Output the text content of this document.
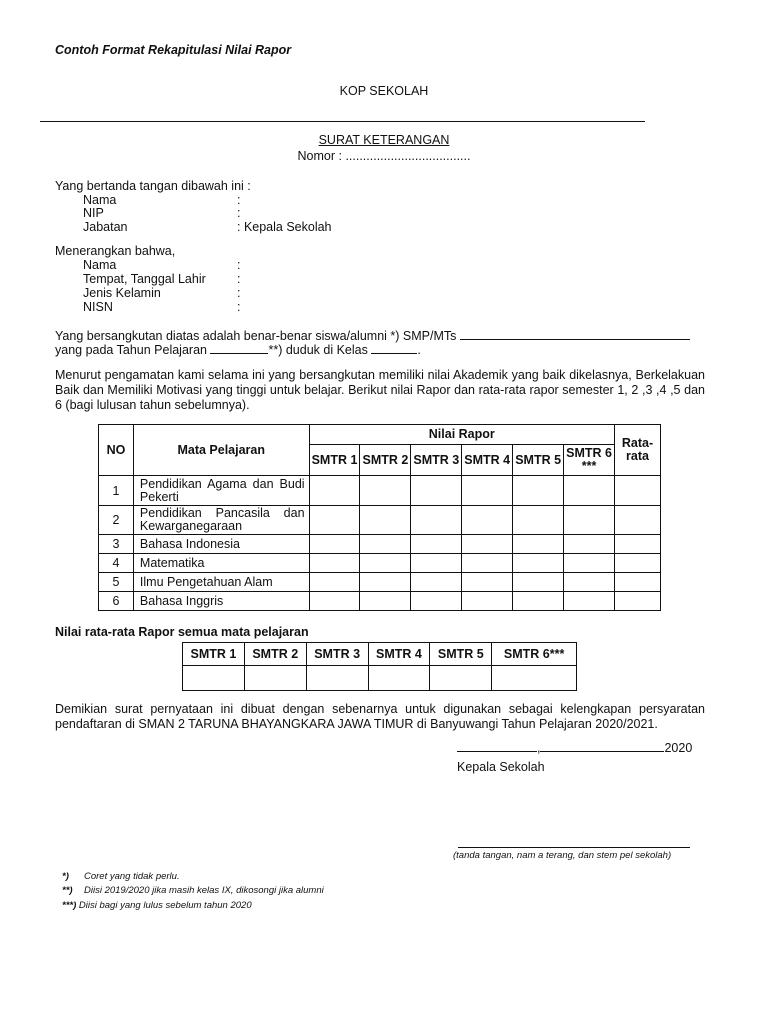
Contoh Format Rekapitulasi Nilai Rapor
KOP SEKOLAH
SURAT KETERANGAN
Nomor : ....................................
Yang bertanda tangan dibawah ini :
Nama	:
NIP	:
Jabatan	: Kepala Sekolah
Menerangkan bahwa,
Nama	:
Tempat, Tanggal Lahir :
Jenis Kelamin	:
NISN	:
Yang bersangkutan diatas adalah benar-benar siswa/alumni *) SMP/MTs
yang pada Tahun Pelajaran	**) duduk di Kelas	.
Menurut pengamatan kami selama ini yang bersangkutan memiliki nilai Akademik yang baik dikelasnya, Berkelakuan Baik dan Memiliki Motivasi yang tinggi untuk belajar. Berikut nilai Rapor dan rata-rata rapor semester 1, 2 ,3 ,4 ,5 dan 6 (bagi lulusan tahun sebelumnya).
NO	Mata Pelajaran	Nilai Rapor						Rata-rata
		SMTR 1	SMTR 2	SMTR 3	SMTR 4	SMTR 5	SMTR 6 ***	
1	Pendidikan Agama dan Budi Pekerti							
2	Pendidikan Pancasila dan Kewarganegaraan							
3	Bahasa Indonesia							
4	Matematika							
5	Ilmu Pengetahuan Alam							
6	Bahasa Inggris							
Nilai rata-rata Rapor semua mata pelajaran
SMTR 1	SMTR 2	SMTR 3	SMTR 4	SMTR 5	SMTR 6***

Demikian surat pernyataan ini dibuat dengan sebenarnya untuk digunakan sebagai kelengkapan persyaratan pendaftaran di SMAN 2 TARUNA BHAYANGKARA JAWA TIMUR di Banyuwangi Tahun Pelajaran 2020/2021.
,	2020
Kepala Sekolah
(tanda tangan, nam a terang, dan stem pel sekolah)
*) Coret yang tidak perlu.
**) Diisi 2019/2020 jika masih kelas IX, dikosongi jika alumni
***) Diisi bagi yang lulus sebelum tahun 2020
